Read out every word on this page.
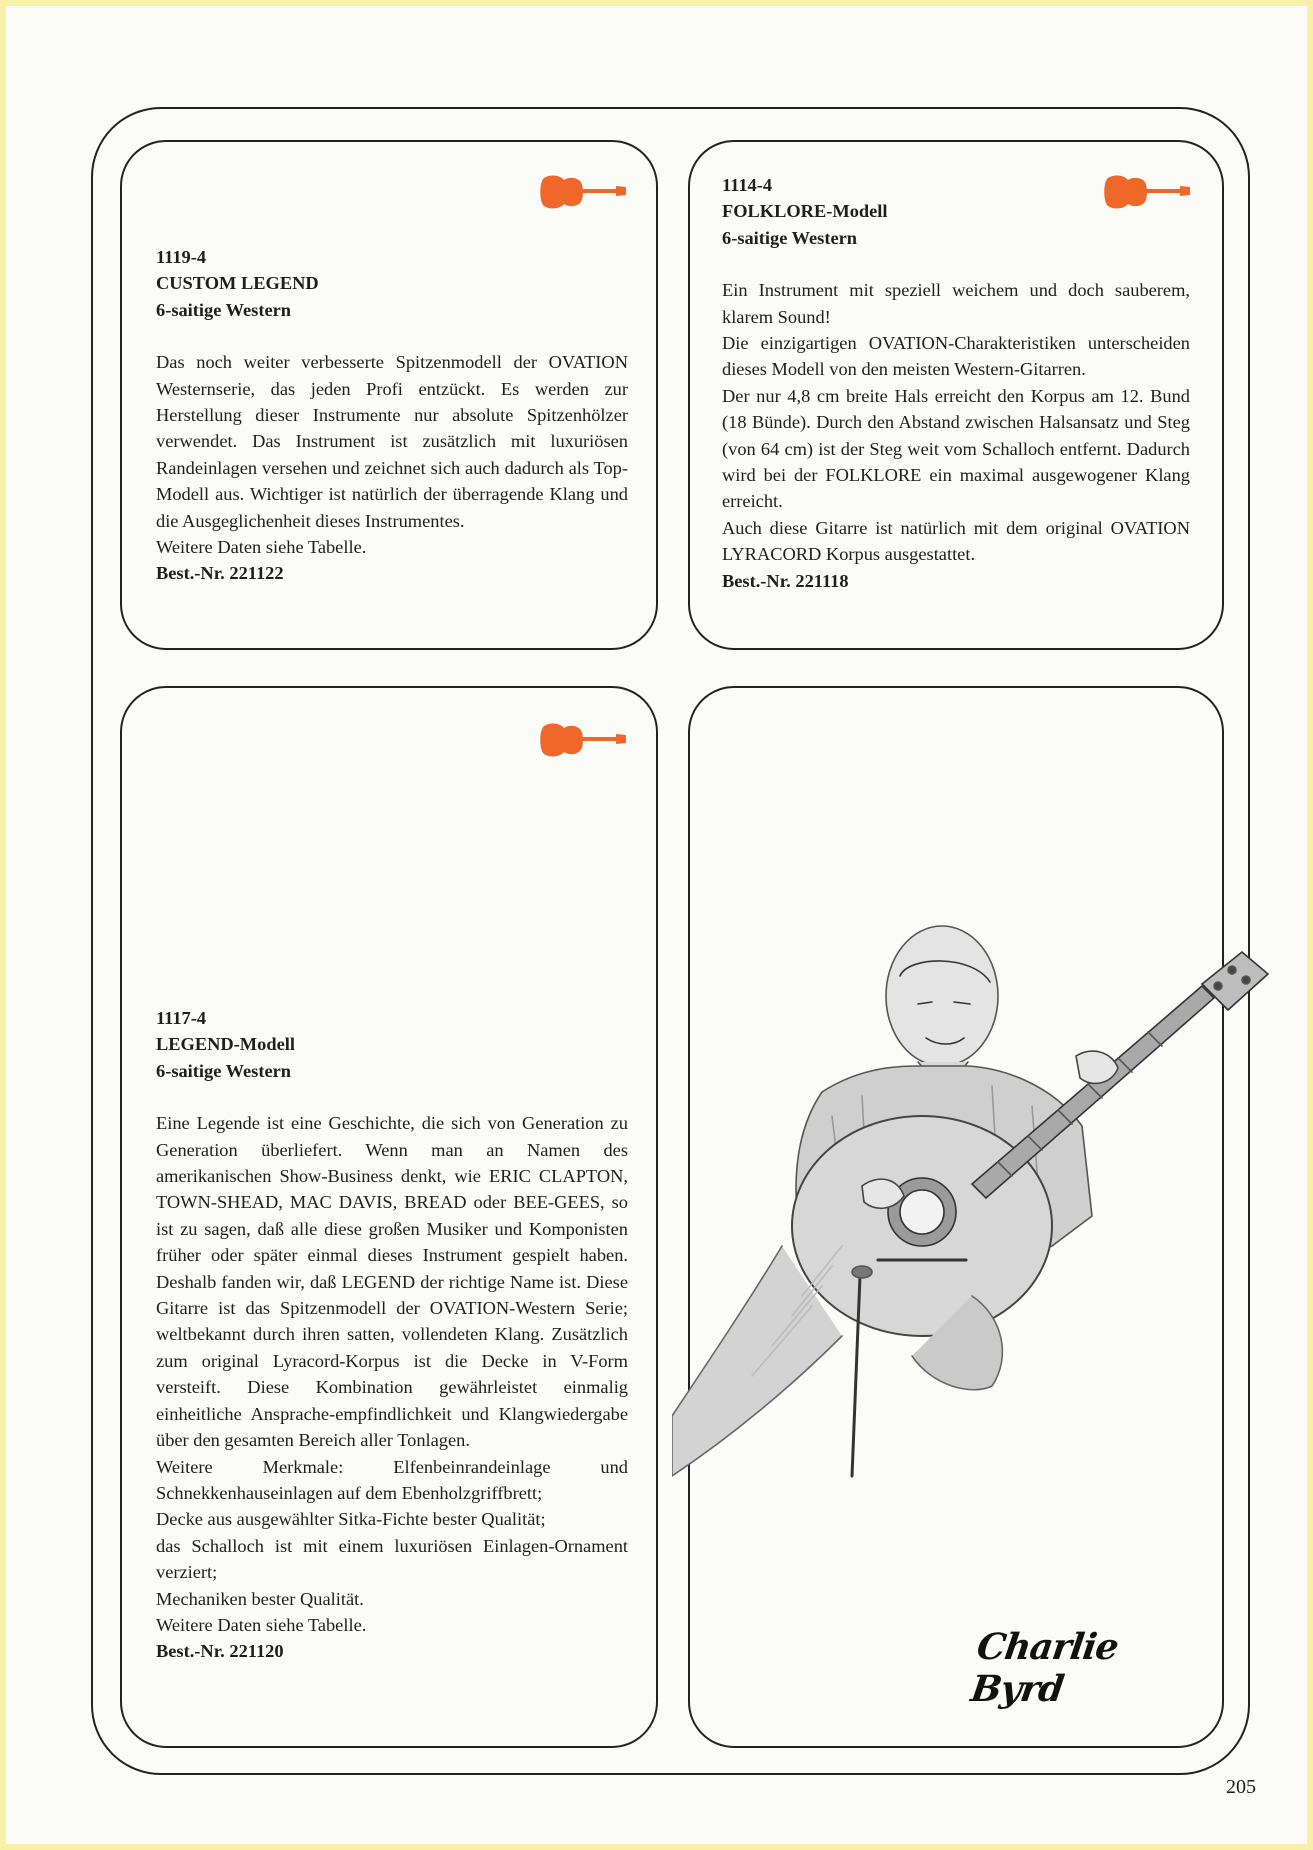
1119-4
CUSTOM LEGEND
6-saitige Western

Das noch weiter verbesserte Spitzenmodell der OVATION Westernserie, das jeden Profi entzückt. Es werden zur Herstellung dieser Instrumente nur absolute Spitzenhölzer verwendet. Das Instrument ist zusätzlich mit luxuriösen Randeinlagen versehen und zeichnet sich auch dadurch als Top-Modell aus. Wichtiger ist natürlich der überragende Klang und die Ausgeglichenheit dieses Instrumentes.

Weitere Daten siehe Tabelle.

Best.-Nr. 221122

1114-4
FOLKLORE-Modell
6-saitige Western

Ein Instrument mit speziell weichem und doch sauberem, klarem Sound!

Die einzigartigen OVATION-Charakteristiken unterscheiden dieses Modell von den meisten Western-Gitarren.

Der nur 4,8 cm breite Hals erreicht den Korpus am 12. Bund (18 Bünde). Durch den Abstand zwischen Halsansatz und Steg (von 64 cm) ist der Steg weit vom Schalloch entfernt. Dadurch wird bei der FOLKLORE ein maximal ausgewogener Klang erreicht.

Auch diese Gitarre ist natürlich mit dem original OVATION LYRACORD Korpus ausgestattet.

Best.-Nr. 221118

1117-4
LEGEND-Modell
6-saitige Western

Eine Legende ist eine Geschichte, die sich von Generation zu Generation überliefert. Wenn man an Namen des amerikanischen Show-Business denkt, wie ERIC CLAPTON, TOWN-SHEAD, MAC DAVIS, BREAD oder BEE-GEES, so ist zu sagen, daß alle diese großen Musiker und Komponisten früher oder später einmal dieses Instrument gespielt haben. Deshalb fanden wir, daß LEGEND der richtige Name ist. Diese Gitarre ist das Spitzenmodell der OVATION-Western Serie; weltbekannt durch ihren satten, vollendeten Klang. Zusätzlich zum original Lyracord-Korpus ist die Decke in V-Form versteift. Diese Kombination gewährleistet einmalig einheitliche Ansprache-empfindlichkeit und Klangwiedergabe über den gesamten Bereich aller Tonlagen.

Weitere Merkmale: Elfenbeinrandeinlage und Schnekkenhauseinlagen auf dem Ebenholzgriffbrett;

Decke aus ausgewählter Sitka-Fichte bester Qualität;

das Schalloch ist mit einem luxuriösen Einlagen-Ornament verziert;

Mechaniken bester Qualität.

Weitere Daten siehe Tabelle.

Best.-Nr. 221120	Charlie Byrd
205
